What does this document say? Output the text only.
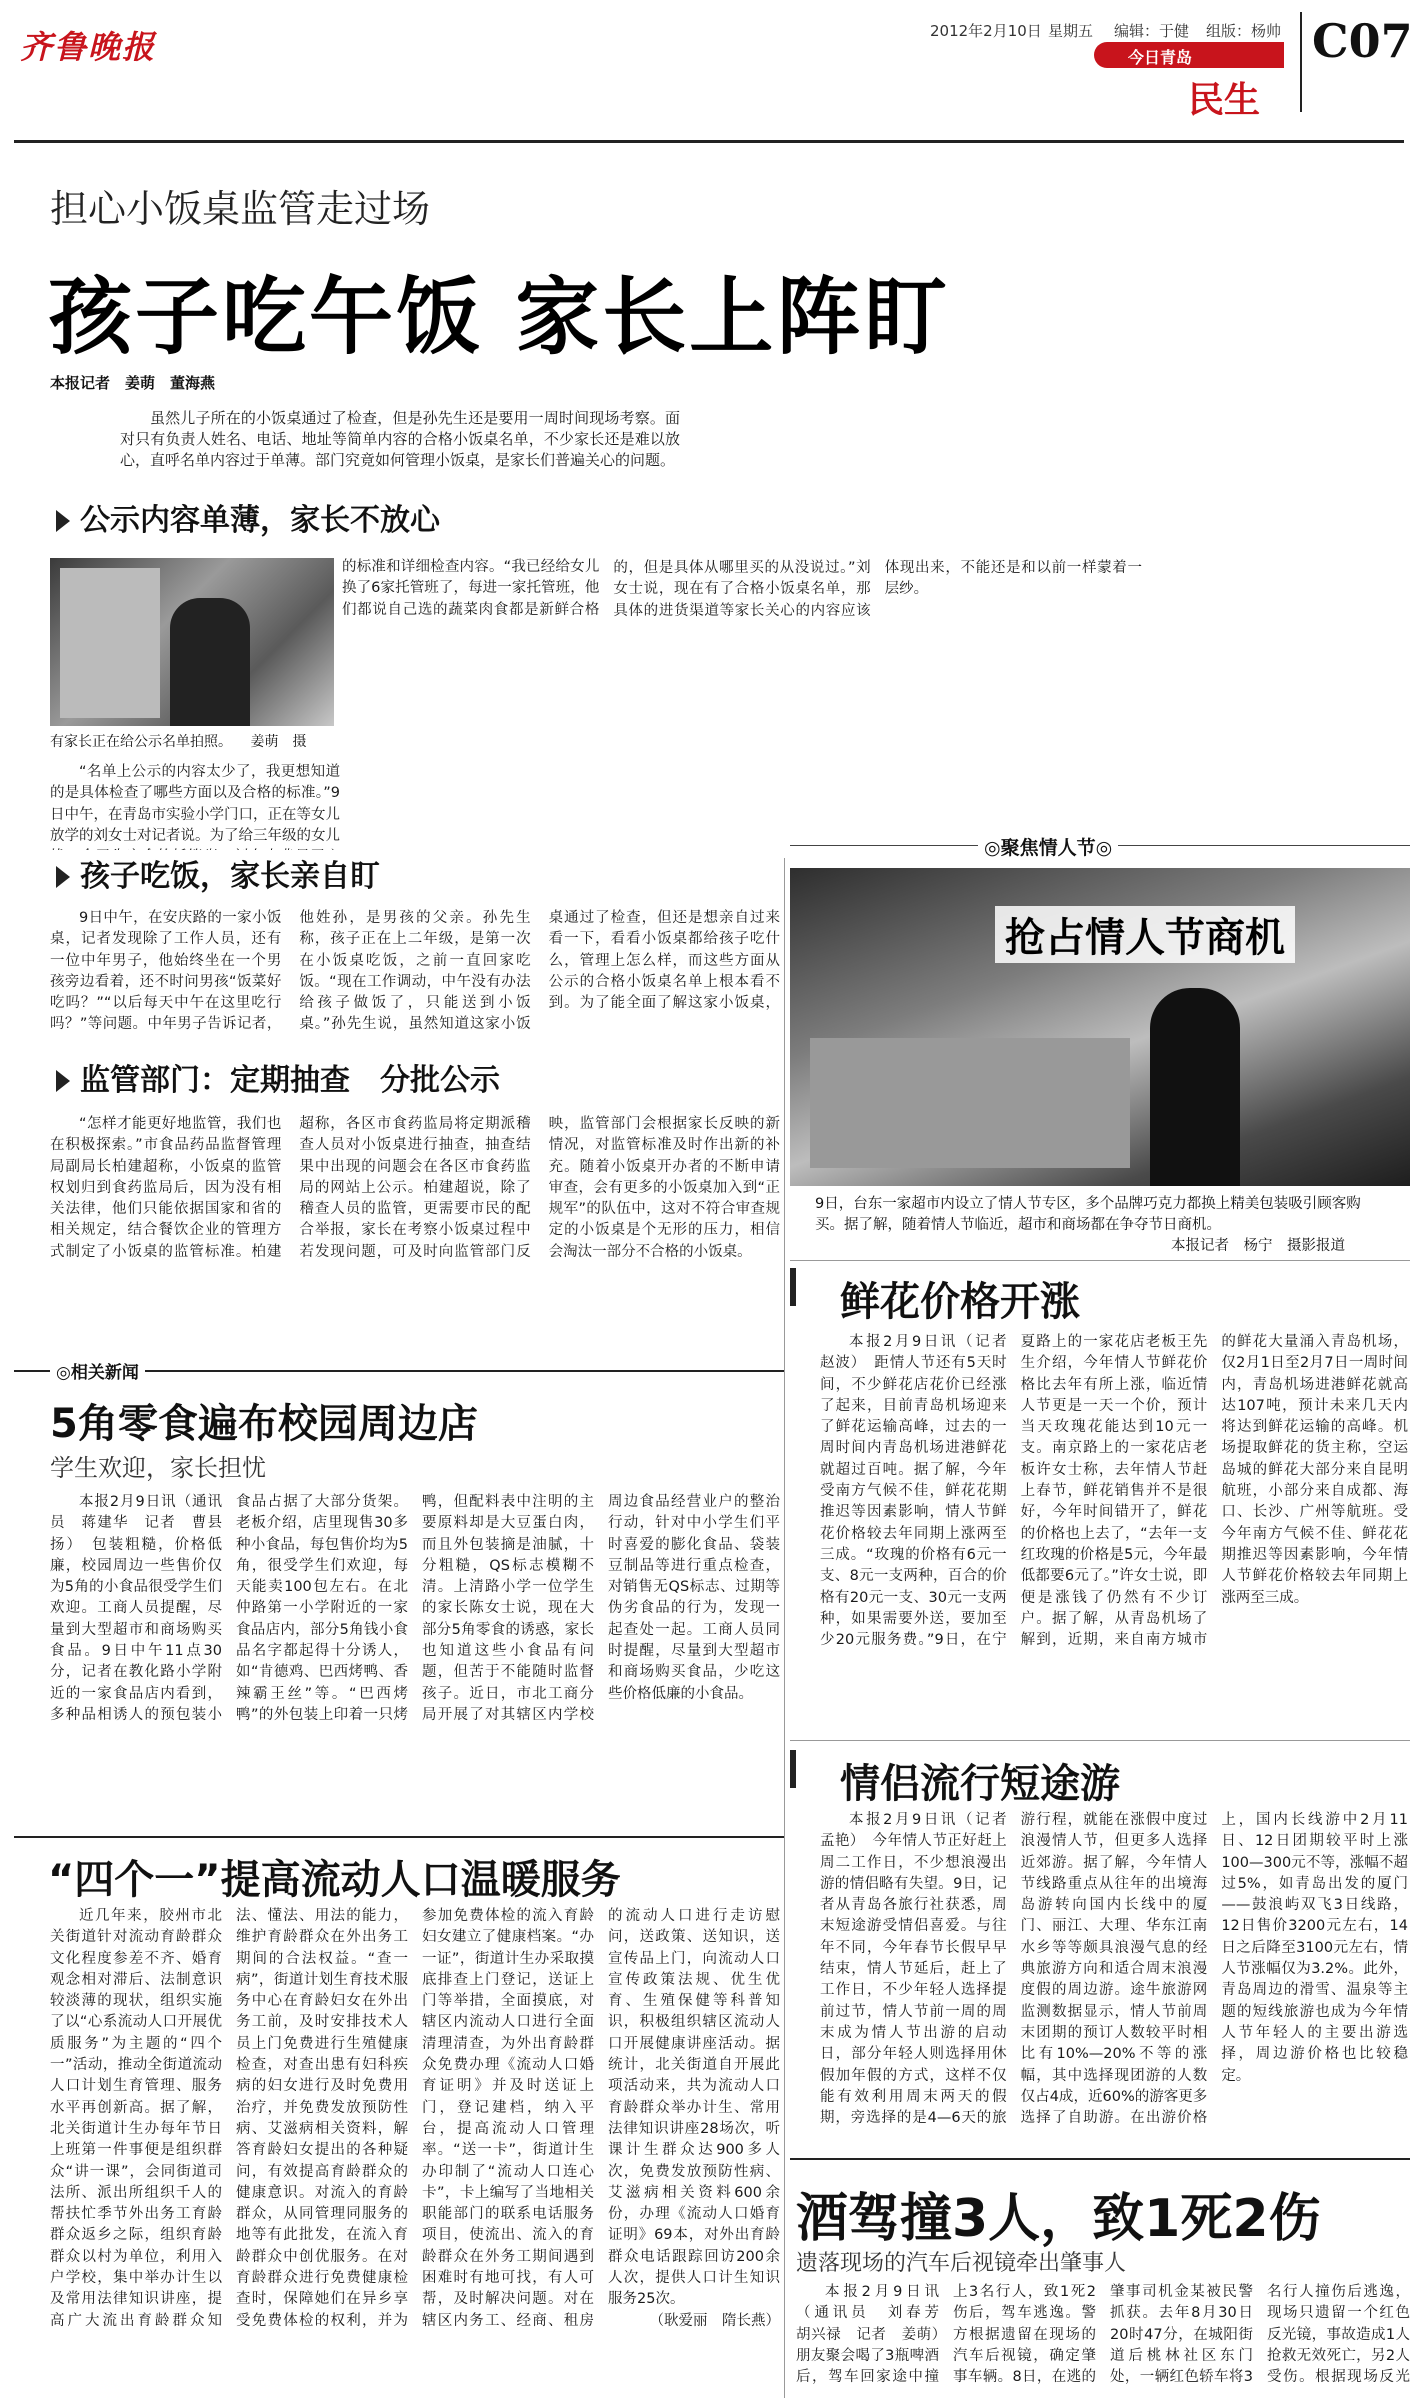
齐鲁晚报	2012年2月10日 星期五 编辑：于健 组版：杨帅
今日青岛
民生
C07
担心小饭桌监管走过场
孩子吃午饭 家长上阵盯
本报记者　姜萌　董海燕

虽然儿子所在的小饭桌通过了检查，但是孙先生还是要用一周时间现场考察。面对只有负责人姓名、电话、地址等简单内容的合格小饭桌名单，不少家长还是难以放心，直呼名单内容过于单薄。部门究竟如何管理小饭桌，是家长们普遍关心的问题。

公示内容单薄，家长不放心
有家长正在给公示名单拍照。 姜萌　摄

“名单上公示的内容太少了，我更想知道的是具体检查了哪些方面以及合格的标准。”9日中午，在青岛市实验小学门口，正在等女儿放学的刘女士对记者说。为了给三年级的女儿

的标准和详细检查内容。“我已经给女儿换了6家托管班了，每进一家托管班，他们都说自己选的蔬菜肉食都是新鲜合格的，但是具体从哪里买的从没说过。”刘女士说，现在有了合格小饭桌名单，那具体的进货渠道等家长关心的内容应该体现出来，不能还是和以前一样蒙着一层纱。

孩子吃饭，家长亲自盯

9日中午，在安庆路的一家小饭桌，记者发现除了工作人员，还有一位中年男子，他始终坐在一个男孩旁边看着，还不时问男孩“饭菜好吃吗？”“以后每天中午在这里吃行吗？”等问题。中年男子告诉记者，他姓孙，是男孩的父亲。孙先生称，孩子正在上二年级，是第一次在小饭桌吃饭，之前一直回家吃饭。“现在工作调动，中午没有办法给孩子做饭了，只能送到小饭桌。”孙先生说，虽然知道这家小饭桌通过了检查，但还是想亲自过来看一下，看看小饭桌都给孩子吃什么，管理上怎么样，而这些方面从公示的合格小饭桌名单上根本看不到。为了能全面了解这家小饭桌，

监管部门：定期抽查　分批公示

“怎样才能更好地监管，我们也在积极探索。”市食品药品监督管理局副局长柏建超称，小饭桌的监管权划归到食药监局后，因为没有相关法律，他们只能依据国家和省的相关规定，结合餐饮企业的管理方式制定了小饭桌的监管标准。柏建超称，各区市食药监局将定期派稽查人员对小饭桌进行抽查，抽查结果中出现的问题会在各区市食药监局的网站上公示。柏建超说，除了稽查人员的监管，更需要市民的配合举报，家长在考察小饭桌过程中若发现问题，可及时向监管部门反映，监管部门会根据家长反映的新情况，对监管标准及时作出新的补充。随着小饭桌开办者的不断申请审查，会有更多的小饭桌加入到“正规军”的队伍中，这对不符合审查规定的小饭桌是个无形的压力，相信会淘汰一部分不合格的小饭桌。

◎聚焦情人节◎
抢占情人节商机
9日，台东一家超市内设立了情人节专区，多个品牌巧克力都换上精美包装吸引顾客购买。据了解，随着情人节临近，超市和商场都在争夺节日商机。
本报记者　杨宁　摄影报道
鲜花价格开涨

本报2月9日讯（记者　赵波）　距情人节还有5天时间，不少鲜花店花价已经涨了起来，目前青岛机场迎来了鲜花运输高峰，过去的一周时间内青岛机场进港鲜花就超过百吨。据了解，今年受南方气候不佳，鲜花花期推迟等因素影响，情人节鲜花价格较去年同期上涨两至三成。“玫瑰的价格有6元一支、8元一支两种，百合的价格有20元一支、30元一支两种，如果需要外送，要加至少20元服务费。”9日，在宁夏路上的一家花店老板王先生介绍，今年情人节鲜花价格比去年有所上涨，临近情人节更是一天一个价，预计当天玫瑰花能达到10元一支。南京路上的一家花店老板许女士称，去年情人节赶上春节，鲜花销售并不是很好，今年时间错开了，鲜花的价格也上去了，“去年一支红玫瑰的价格是5元，今年最低都要6元了。”许女士说，即便是涨钱了仍然有不少订户。据了解，从青岛机场了解到，近期，来自南方城市的鲜花大量涌入青岛机场，仅2月1日至2月7日一周时间内，青岛机场进港鲜花就高达107吨，预计未来几天内将达到鲜花运输的高峰。机场提取鲜花的货主称，空运岛城的鲜花大部分来自昆明航班，小部分来自成都、海口、长沙、广州等航班。受今年南方气候不佳、鲜花花期推迟等因素影响，今年情人节鲜花价格较去年同期上涨两至三成。

情侣流行短途游

本报2月9日讯（记者　孟艳）　今年情人节正好赶上周二工作日，不少想浪漫出游的情侣略有失望。9日，记者从青岛各旅行社获悉，周末短途游受情侣喜爱。与往年不同，今年春节长假早早结束，情人节延后，赶上了工作日，不少年轻人选择提前过节，情人节前一周的周末成为情人节出游的启动日，部分年轻人则选择用休假加年假的方式，这样不仅能有效利用周末两天的假期，旁选择的是4—6天的旅游行程，就能在涨假中度过浪漫情人节，但更多人选择近郊游。据了解，今年情人节线路重点从往年的出境海岛游转向国内长线中的厦门、丽江、大理、华东江南水乡等等颇具浪漫气息的经典旅游方向和适合周末浪漫度假的周边游。途牛旅游网监测数据显示，情人节前周末团期的预订人数较平时相比有10%—20%不等的涨幅，其中选择现团游的人数仅占4成，近60%的游客更多选择了自助游。在出游价格上，国内长线游中2月11日、12日团期较平时上涨100—300元不等，涨幅不超过5%，如青岛出发的厦门——鼓浪屿双飞3日线路，12日售价3200元左右，14日之后降至3100元左右，情人节涨幅仅为3.2%。此外，青岛周边的滑雪、温泉等主题的短线旅游也成为今年情人节年轻人的主要出游选择，周边游价格也比较稳定。

◎相关新闻
5角零食遍布校园周边店
学生欢迎，家长担忧

本报2月9日讯（通讯员　蒋建华　记者　曹县扬）　包装粗糙，价格低廉，校园周边一些售价仅为5角的小食品很受学生们欢迎。工商人员提醒，尽量到大型超市和商场购买食品。9日中午11点30分，记者在教化路小学附近的一家食品店内看到，多种品相诱人的预包装小食品占据了大部分货架。老板介绍，店里现售30多种小食品，每包售价均为5角，很受学生们欢迎，每天能卖100包左右。在北仲路第一小学附近的一家食品店内，部分5角钱小食品名字都起得十分诱人，如“肯德鸡、巴西烤鸭、香辣霸王丝”等。“巴西烤鸭”的外包装上印着一只烤鸭，但配料表中注明的主要原料却是大豆蛋白肉，而且外包装摘是油腻，十分粗糙，QS标志模糊不清。上清路小学一位学生的家长陈女士说，现在大部分5角零食的诱惑，家长也知道这些小食品有问题，但苦于不能随时监督孩子。近日，市北工商分局开展了对其辖区内学校周边食品经营业户的整治行动，针对中小学生们平时喜爱的膨化食品、袋装豆制品等进行重点检查，对销售无QS标志、过期等伪劣食品的行为，发现一起查处一起。工商人员同时提醒，尽量到大型超市和商场购买食品，少吃这些价格低廉的小食品。

“四个一”提高流动人口温暖服务

近几年来，胶州市北关街道针对流动育龄群众文化程度参差不齐、婚育观念相对滞后、法制意识较淡薄的现状，组织实施了以“心系流动人口开展优质服务”为主题的“四个一”活动，推动全街道流动人口计划生育管理、服务水平再创新高。据了解，北关街道计生办每年节日上班第一件事便是组织群众“讲一课”，会同街道司法所、派出所组织千人的帮扶忙季节外出务工育龄群众返乡之际，组织育龄群众以村为单位，利用入户学校，集中举办计生以及常用法律知识讲座，提高广大流出育龄群众知法、懂法、用法的能力，维护育龄群众在外出务工期间的合法权益。“查一病”，街道计划生育技术服务中心在育龄妇女在外出务工前，及时安排技术人员上门免费进行生殖健康检查，对查出患有妇科疾病的妇女进行及时免费用治疗，并免费发放预防性病、艾滋病相关资料，解答育龄妇女提出的各种疑问，有效提高育龄群众的健康意识。对流入的育龄群众，从同管理同服务的地等有此批发，在流入育龄群众中创优服务。在对育龄群众进行免费健康检查时，保障她们在异乡享受免费体检的权利，并为参加免费体检的流入育龄妇女建立了健康档案。“办一证”，街道计生办采取摸底排查上门登记，送证上门等举措，全面摸底，对辖区内流动人口进行全面清理清查，为外出育龄群众免费办理《流动人口婚育证明》并及时送证上门，登记建档，纳入平台，提高流动人口管理率。“送一卡”，街道计生办印制了“流动人口连心卡”，卡上编写了当地相关职能部门的联系电话服务项目，使流出、流入的育龄群众在外务工期间遇到困难时有地可找，有人可帮，及时解决问题。对在辖区内务工、经商、租房的流动人口进行走访慰问，送政策、送知识，送宣传品上门，向流动人口宣传政策法规、优生优育、生殖保健等科普知识，积极组织辖区流动人口开展健康讲座活动。据统计，北关街道自开展此项活动来，共为流动人口育龄群众举办计生、常用法律知识讲座28场次，听课计生群众达900多人次，免费发放预防性病、艾滋病相关资料600余份，办理《流动人口婚育证明》69本，对外出育龄群众电话跟踪回访200余人次，提供人口计生知识服务25次。

（耿爱丽　隋长燕）

酒驾撞3人，致1死2伤
遗落现场的汽车后视镜牵出肇事人

本报2月9日讯（通讯员　刘春芳　胡兴禄　记者　姜萌）　朋友聚会喝了3瓶啤酒后，驾车回家途中撞上3名行人，致1死2伤后，驾车逃逸。警方根据遗留在现场的汽车后视镜，确定肇事车辆。8日，在逃的肇事司机金某被民警抓获。去年8月30日20时47分，在城阳街道后桃林社区东门处，一辆红色轿车将3名行人撞伤后逃逸，现场只遗留一个红色反光镜，事故造成1人抢救无效死亡，另2人受伤。根据现场反光
